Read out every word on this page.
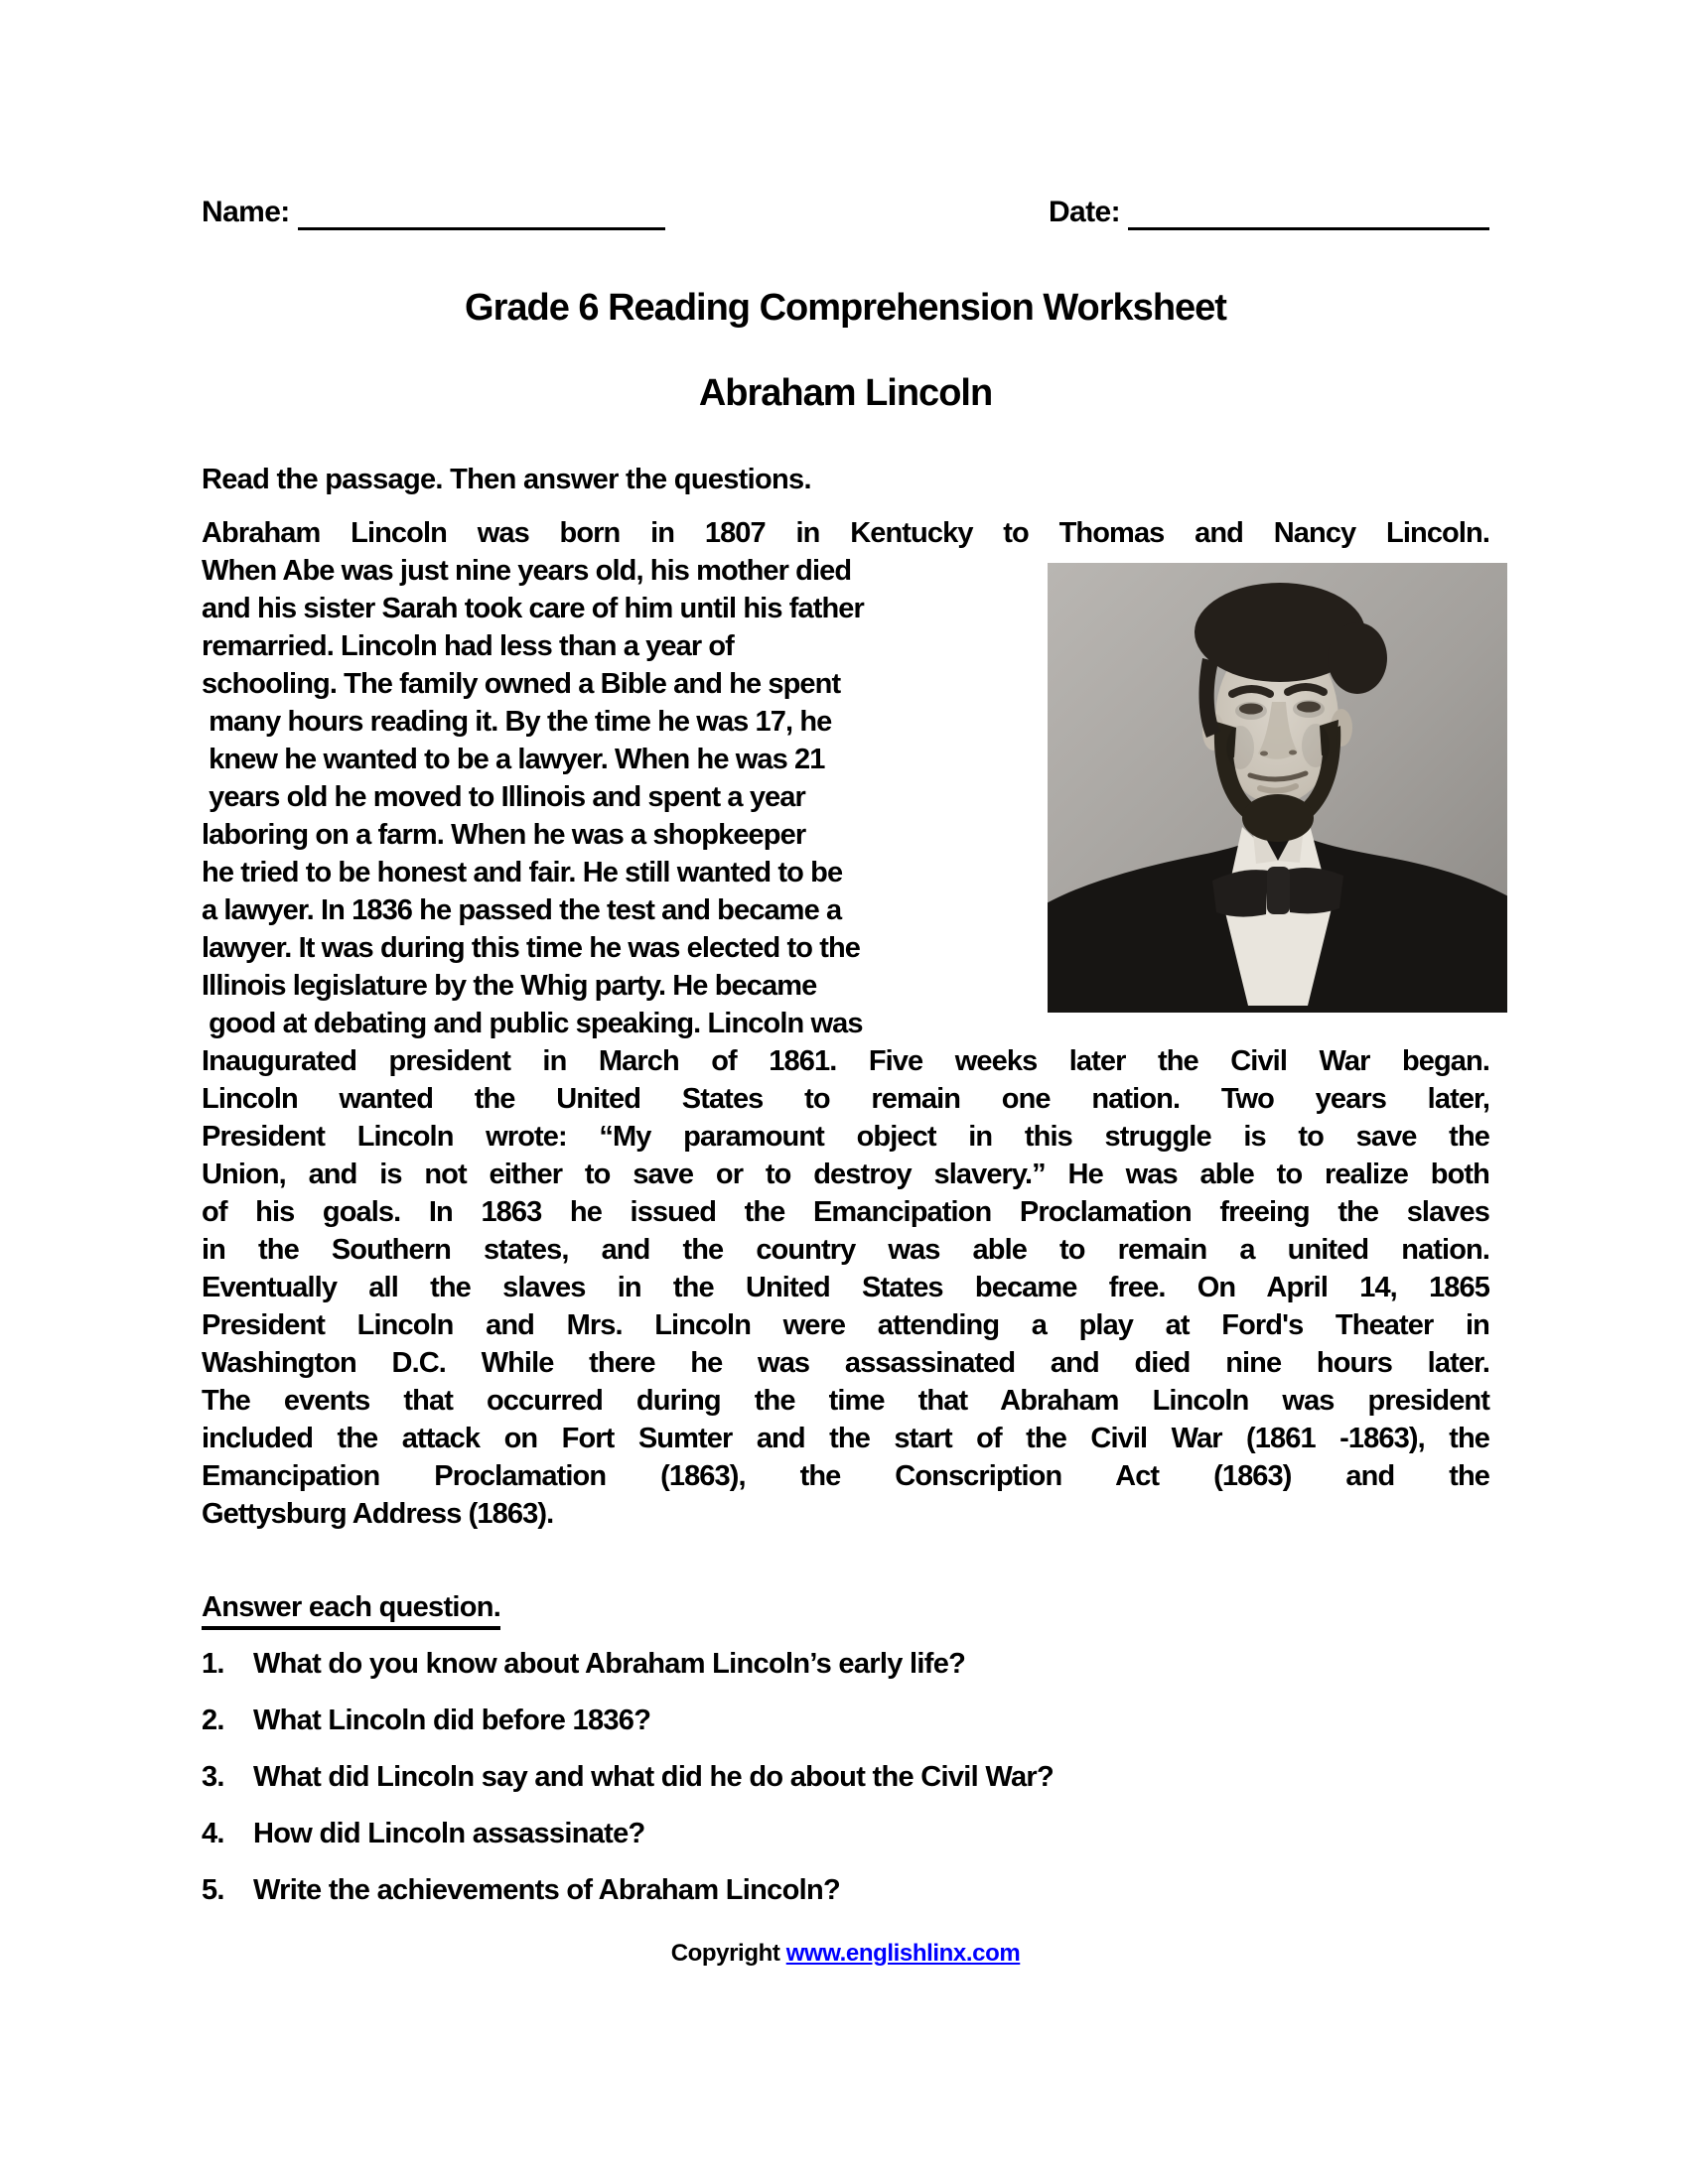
Name:	Date:
Grade 6 Reading Comprehension Worksheet
Abraham Lincoln
Read the passage. Then answer the questions.
Abraham Lincoln was born in 1807 in Kentucky to Thomas and Nancy Lincoln.
When Abe was just nine years old, his mother died
and his sister Sarah took care of him until his father
remarried. Lincoln had less than a year of
schooling. The family owned a Bible and he spent
many hours reading it. By the time he was 17, he
knew he wanted to be a lawyer. When he was 21
years old he moved to Illinois and spent a year
laboring on a farm. When he was a shopkeeper
he tried to be honest and fair. He still wanted to be
a lawyer. In 1836 he passed the test and became a
lawyer. It was during this time he was elected to the
Illinois legislature by the Whig party. He became
good at debating and public speaking. Lincoln was
Inaugurated president in March of 1861. Five weeks later the Civil War began.
Lincoln wanted the United States to remain one nation. Two years later,
President Lincoln wrote: “My paramount object in this struggle is to save the
Union, and is not either to save or to destroy slavery.” He was able to realize both
of his goals. In 1863 he issued the Emancipation Proclamation freeing the slaves
in the Southern states, and the country was able to remain a united nation.
Eventually all the slaves in the United States became free. On April 14, 1865
President Lincoln and Mrs. Lincoln were attending a play at Ford's Theater in
Washington D.C. While there he was assassinated and died nine hours later.
The events that occurred during the time that Abraham Lincoln was president
included the attack on Fort Sumter and the start of the Civil War (1861 -1863), the
Emancipation Proclamation (1863), the Conscription Act (1863) and the
Gettysburg Address (1863).
Answer each question.
1.	What do you know about Abraham Lincoln’s early life?
2.	What Lincoln did before 1836?
3.	What did Lincoln say and what did he do about the Civil War?
4.	How did Lincoln assassinate?
5.	Write the achievements of Abraham Lincoln?
Copyright www.englishlinx.com
